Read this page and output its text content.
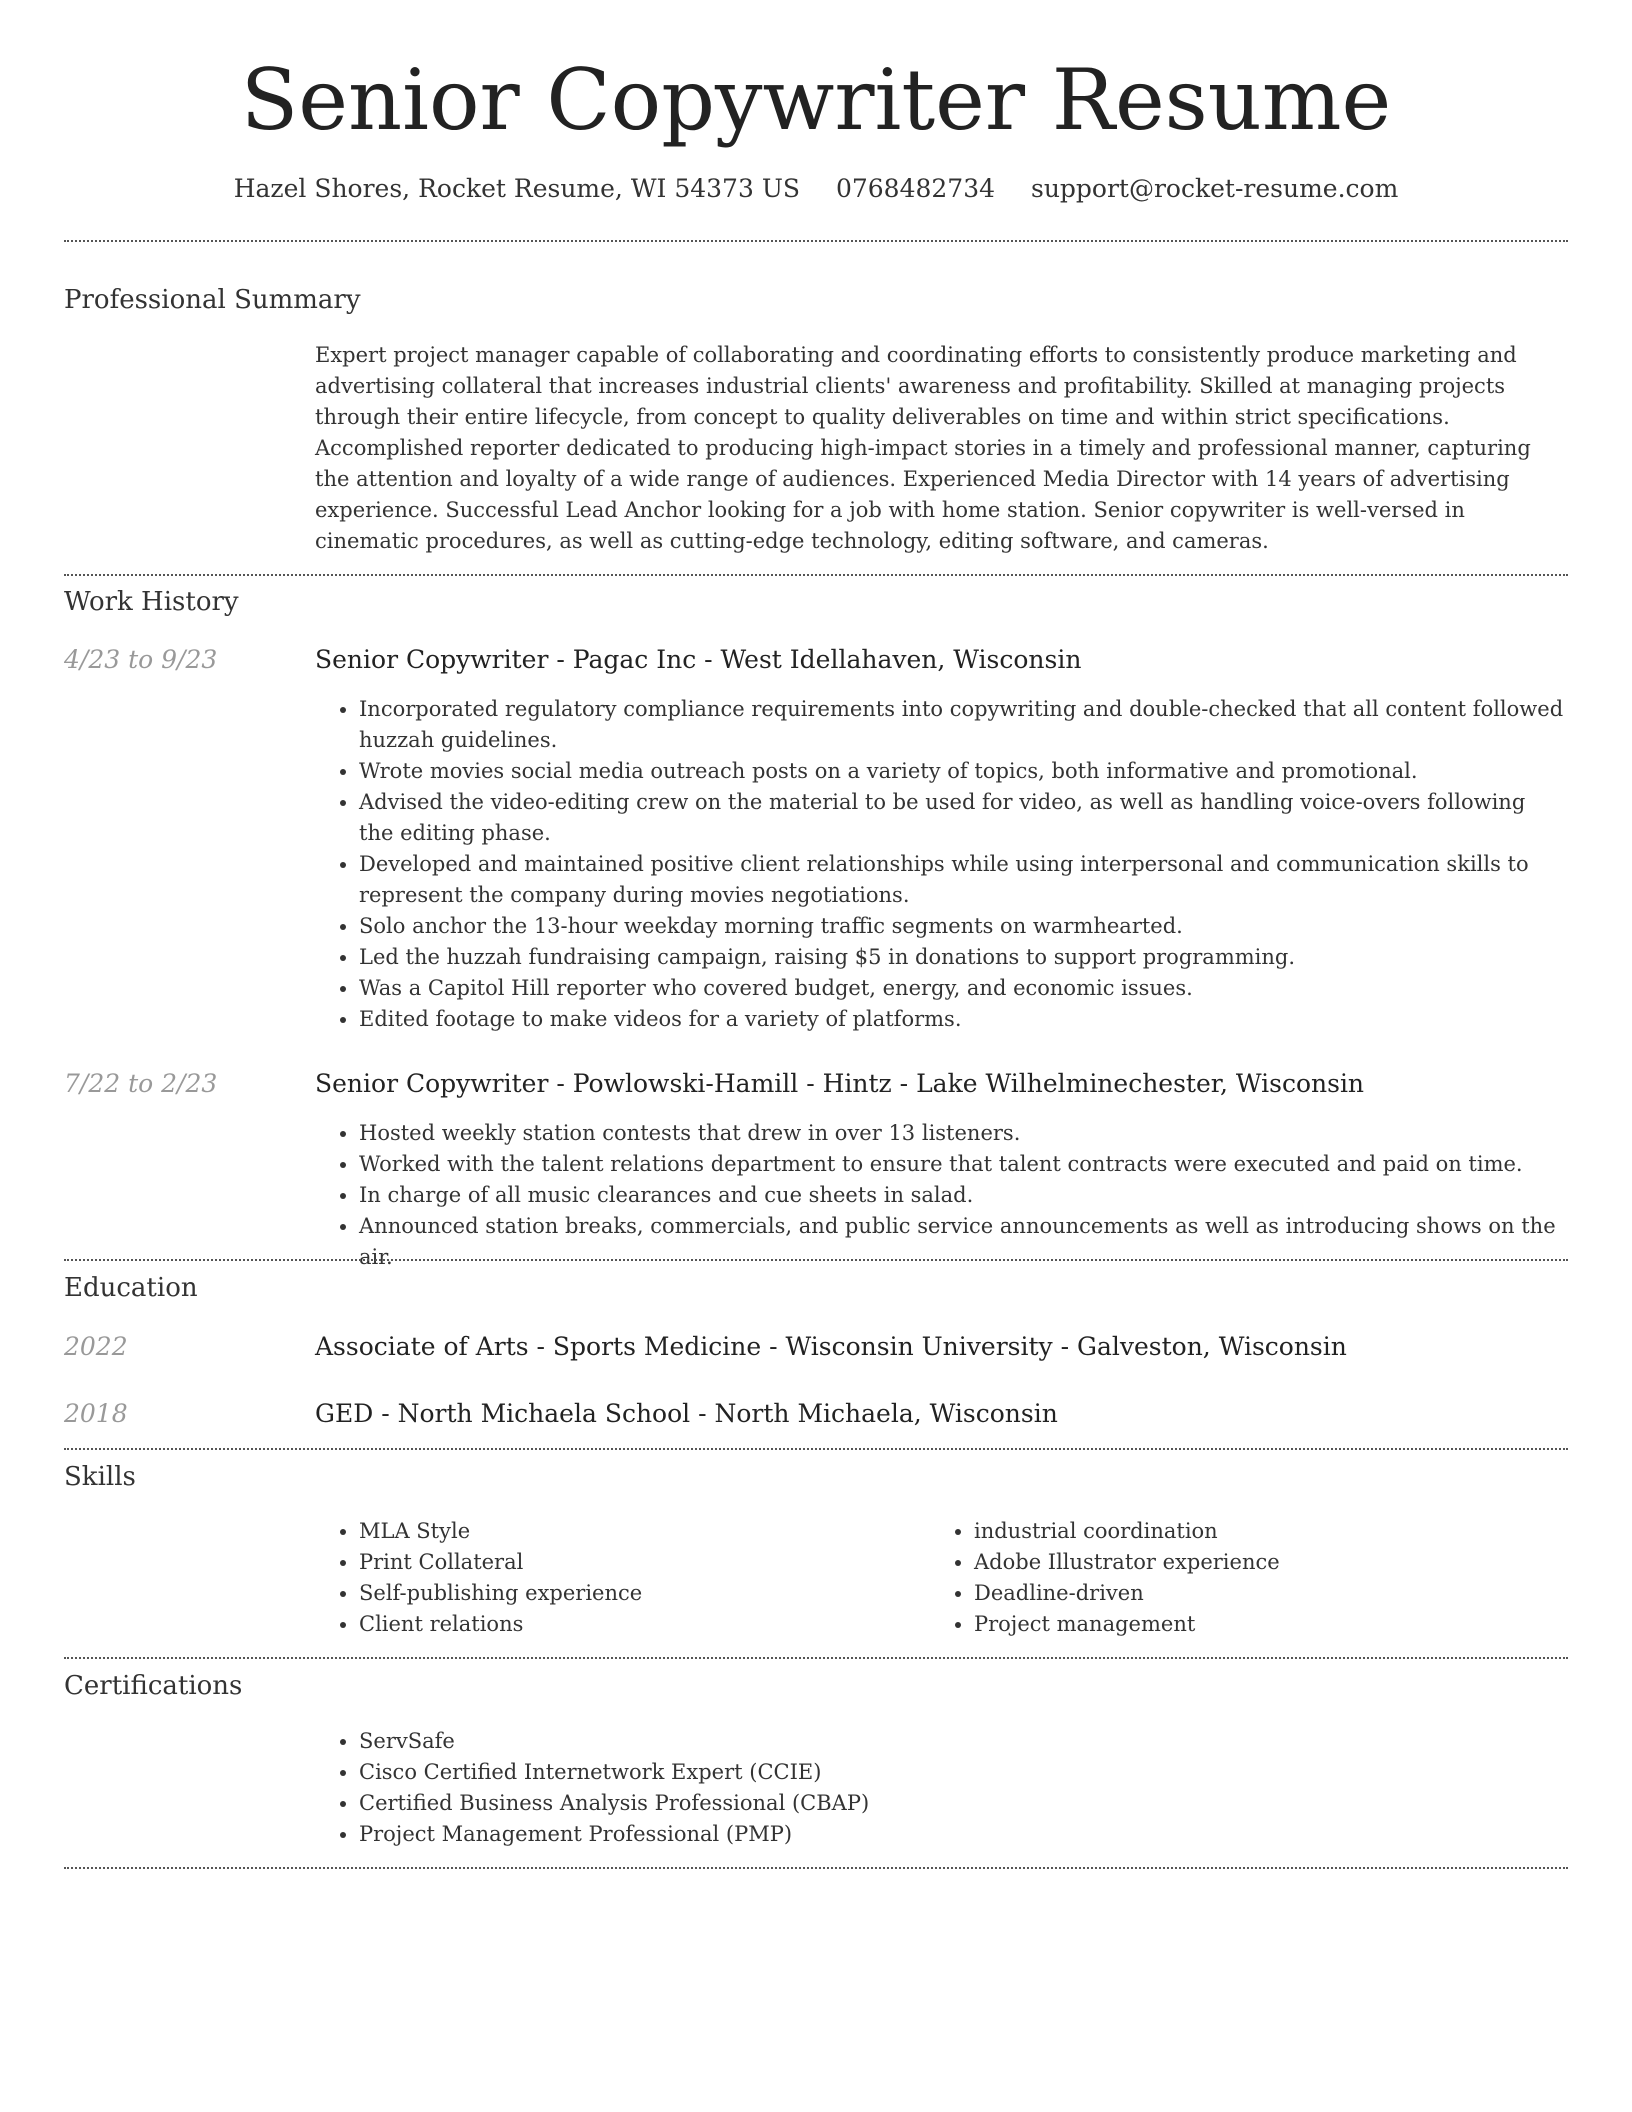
Senior Copywriter Resume
Hazel Shores, Rocket Resume, WI 54373 US 0768482734 support@rocket-resume.com
Professional Summary
Expert project manager capable of collaborating and coordinating efforts to consistently produce marketing and advertising collateral that increases industrial clients' awareness and profitability. Skilled at managing projects through their entire lifecycle, from concept to quality deliverables on time and within strict specifications. Accomplished reporter dedicated to producing high-impact stories in a timely and professional manner, capturing the attention and loyalty of a wide range of audiences. Experienced Media Director with 14 years of advertising experience. Successful Lead Anchor looking for a job with home station. Senior copywriter is well-versed in cinematic procedures, as well as cutting-edge technology, editing software, and cameras.
Work History
4/23 to 9/23	Senior Copywriter - Pagac Inc - West Idellahaven, Wisconsin
• Incorporated regulatory compliance requirements into copywriting and double-checked that all content followed huzzah guidelines.
• Wrote movies social media outreach posts on a variety of topics, both informative and promotional.
• Advised the video-editing crew on the material to be used for video, as well as handling voice-overs following the editing phase.
• Developed and maintained positive client relationships while using interpersonal and communication skills to represent the company during movies negotiations.
• Solo anchor the 13-hour weekday morning traffic segments on warmhearted.
• Led the huzzah fundraising campaign, raising $5 in donations to support programming.
• Was a Capitol Hill reporter who covered budget, energy, and economic issues.
• Edited footage to make videos for a variety of platforms.
7/22 to 2/23	Senior Copywriter - Powlowski-Hamill - Hintz - Lake Wilhelminechester, Wisconsin
• Hosted weekly station contests that drew in over 13 listeners.
• Worked with the talent relations department to ensure that talent contracts were executed and paid on time.
• In charge of all music clearances and cue sheets in salad.
• Announced station breaks, commercials, and public service announcements as well as introducing shows on the air.
Education
2022	Associate of Arts - Sports Medicine - Wisconsin University - Galveston, Wisconsin
2018	GED - North Michaela School - North Michaela, Wisconsin
Skills
• MLA Style
• Print Collateral
• Self-publishing experience
• Client relations
• industrial coordination
• Adobe Illustrator experience
• Deadline-driven
• Project management
Certifications
• ServSafe
• Cisco Certified Internetwork Expert (CCIE)
• Certified Business Analysis Professional (CBAP)
• Project Management Professional (PMP)
